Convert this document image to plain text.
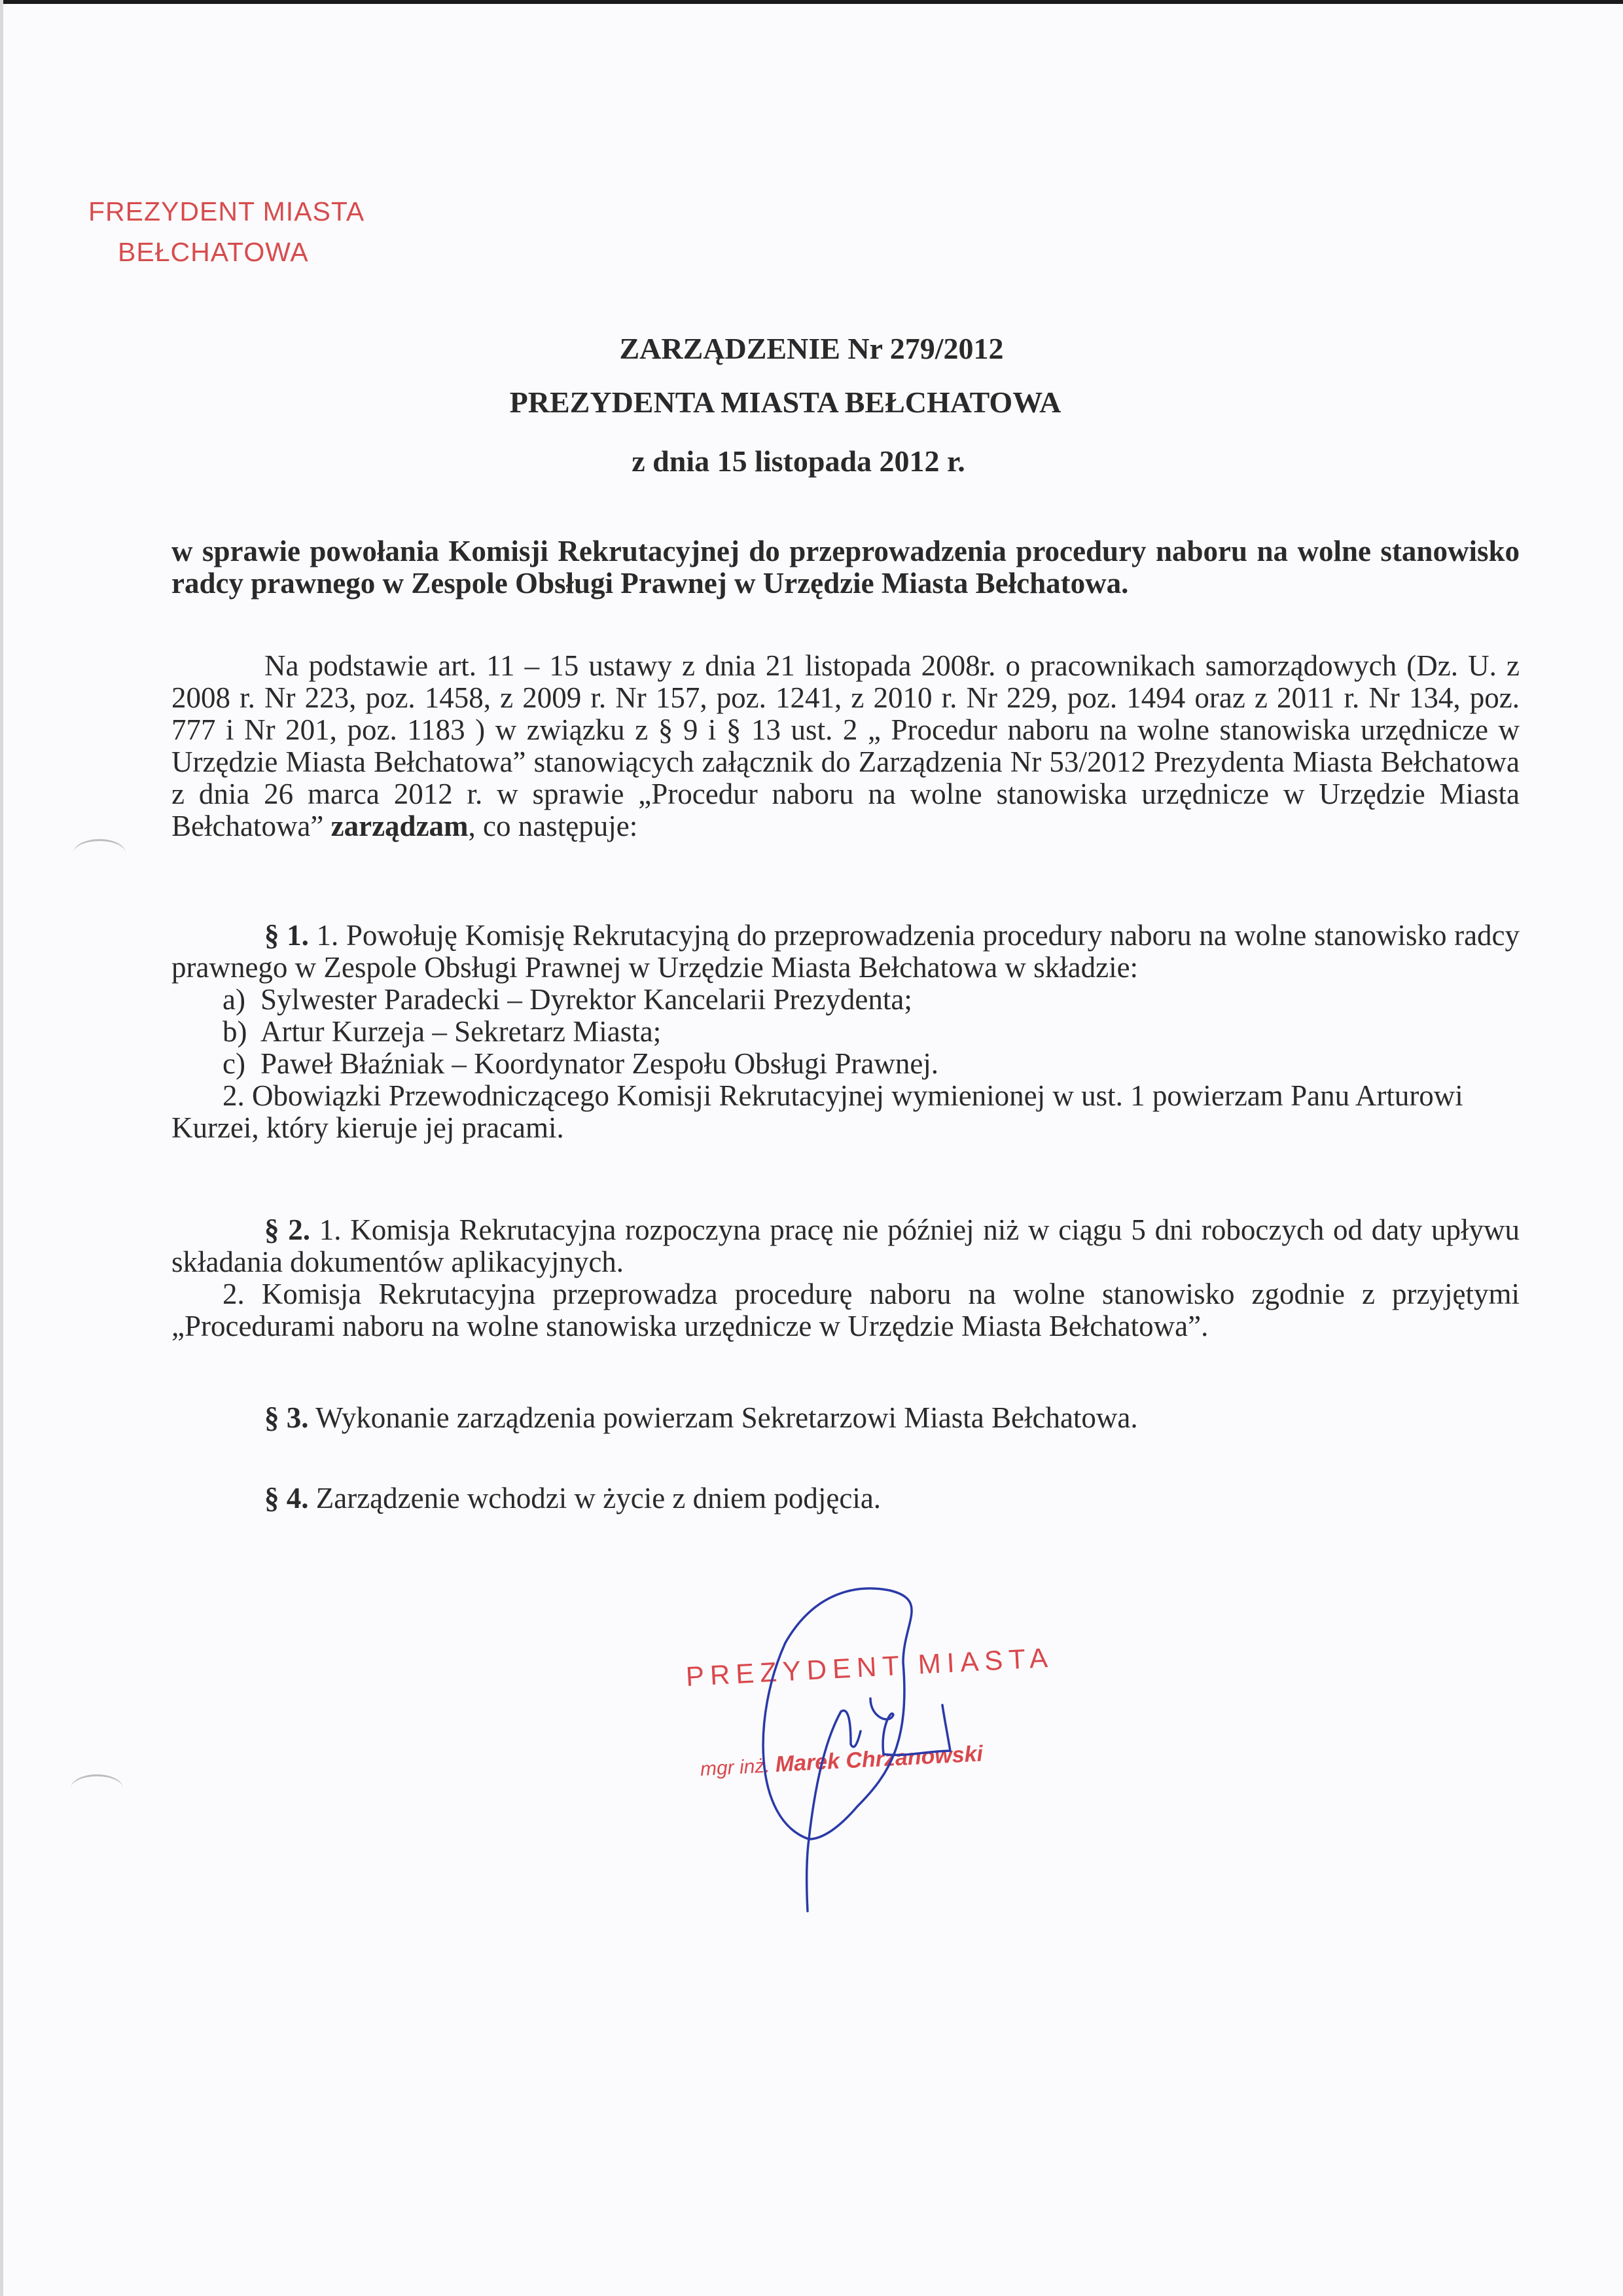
FREZYDENT MIASTA
BEŁCHATOWA
ZARZĄDZENIE Nr 279/2012
PREZYDENTA MIASTA BEŁCHATOWA
z dnia 15 listopada 2012 r.
w sprawie powołania Komisji Rekrutacyjnej do przeprowadzenia procedury naboru na wolne stanowisko radcy prawnego w Zespole Obsługi Prawnej w Urzędzie Miasta Bełchatowa.
Na podstawie art. 11 – 15 ustawy z dnia 21 listopada 2008r. o pracownikach samorządowych (Dz. U. z 2008 r. Nr 223, poz. 1458, z 2009 r. Nr 157, poz. 1241, z 2010 r. Nr 229, poz. 1494 oraz z 2011 r. Nr 134, poz. 777 i Nr 201, poz. 1183 ) w związku z § 9 i § 13 ust. 2 „ Procedur naboru na wolne stanowiska urzędnicze w Urzędzie Miasta Bełchatowa” stanowiących załącznik do Zarządzenia Nr 53/2012 Prezydenta Miasta Bełchatowa z dnia 26 marca 2012 r. w sprawie „Procedur naboru na wolne stanowiska urzędnicze w Urzędzie Miasta Bełchatowa” zarządzam, co następuje:
§ 1. 1. Powołuję Komisję Rekrutacyjną do przeprowadzenia procedury naboru na wolne stanowisko radcy prawnego w Zespole Obsługi Prawnej w Urzędzie Miasta Bełchatowa w składzie:
a) Sylwester Paradecki – Dyrektor Kancelarii Prezydenta;
b) Artur Kurzeja – Sekretarz Miasta;
c) Paweł Błaźniak – Koordynator Zespołu Obsługi Prawnej.
2. Obowiązki Przewodniczącego Komisji Rekrutacyjnej wymienionej w ust. 1 powierzam Panu Arturowi Kurzei, który kieruje jej pracami.
§ 2. 1. Komisja Rekrutacyjna rozpoczyna pracę nie później niż w ciągu 5 dni roboczych od daty upływu składania dokumentów aplikacyjnych.
2. Komisja Rekrutacyjna przeprowadza procedurę naboru na wolne stanowisko zgodnie z przyjętymi „Procedurami naboru na wolne stanowiska urzędnicze w Urzędzie Miasta Bełchatowa”.
§ 3. Wykonanie zarządzenia powierzam Sekretarzowi Miasta Bełchatowa.
§ 4. Zarządzenie wchodzi w życie z dniem podjęcia.
PREZYDENT MIASTA
mgr inż. Marek Chrzanowski
